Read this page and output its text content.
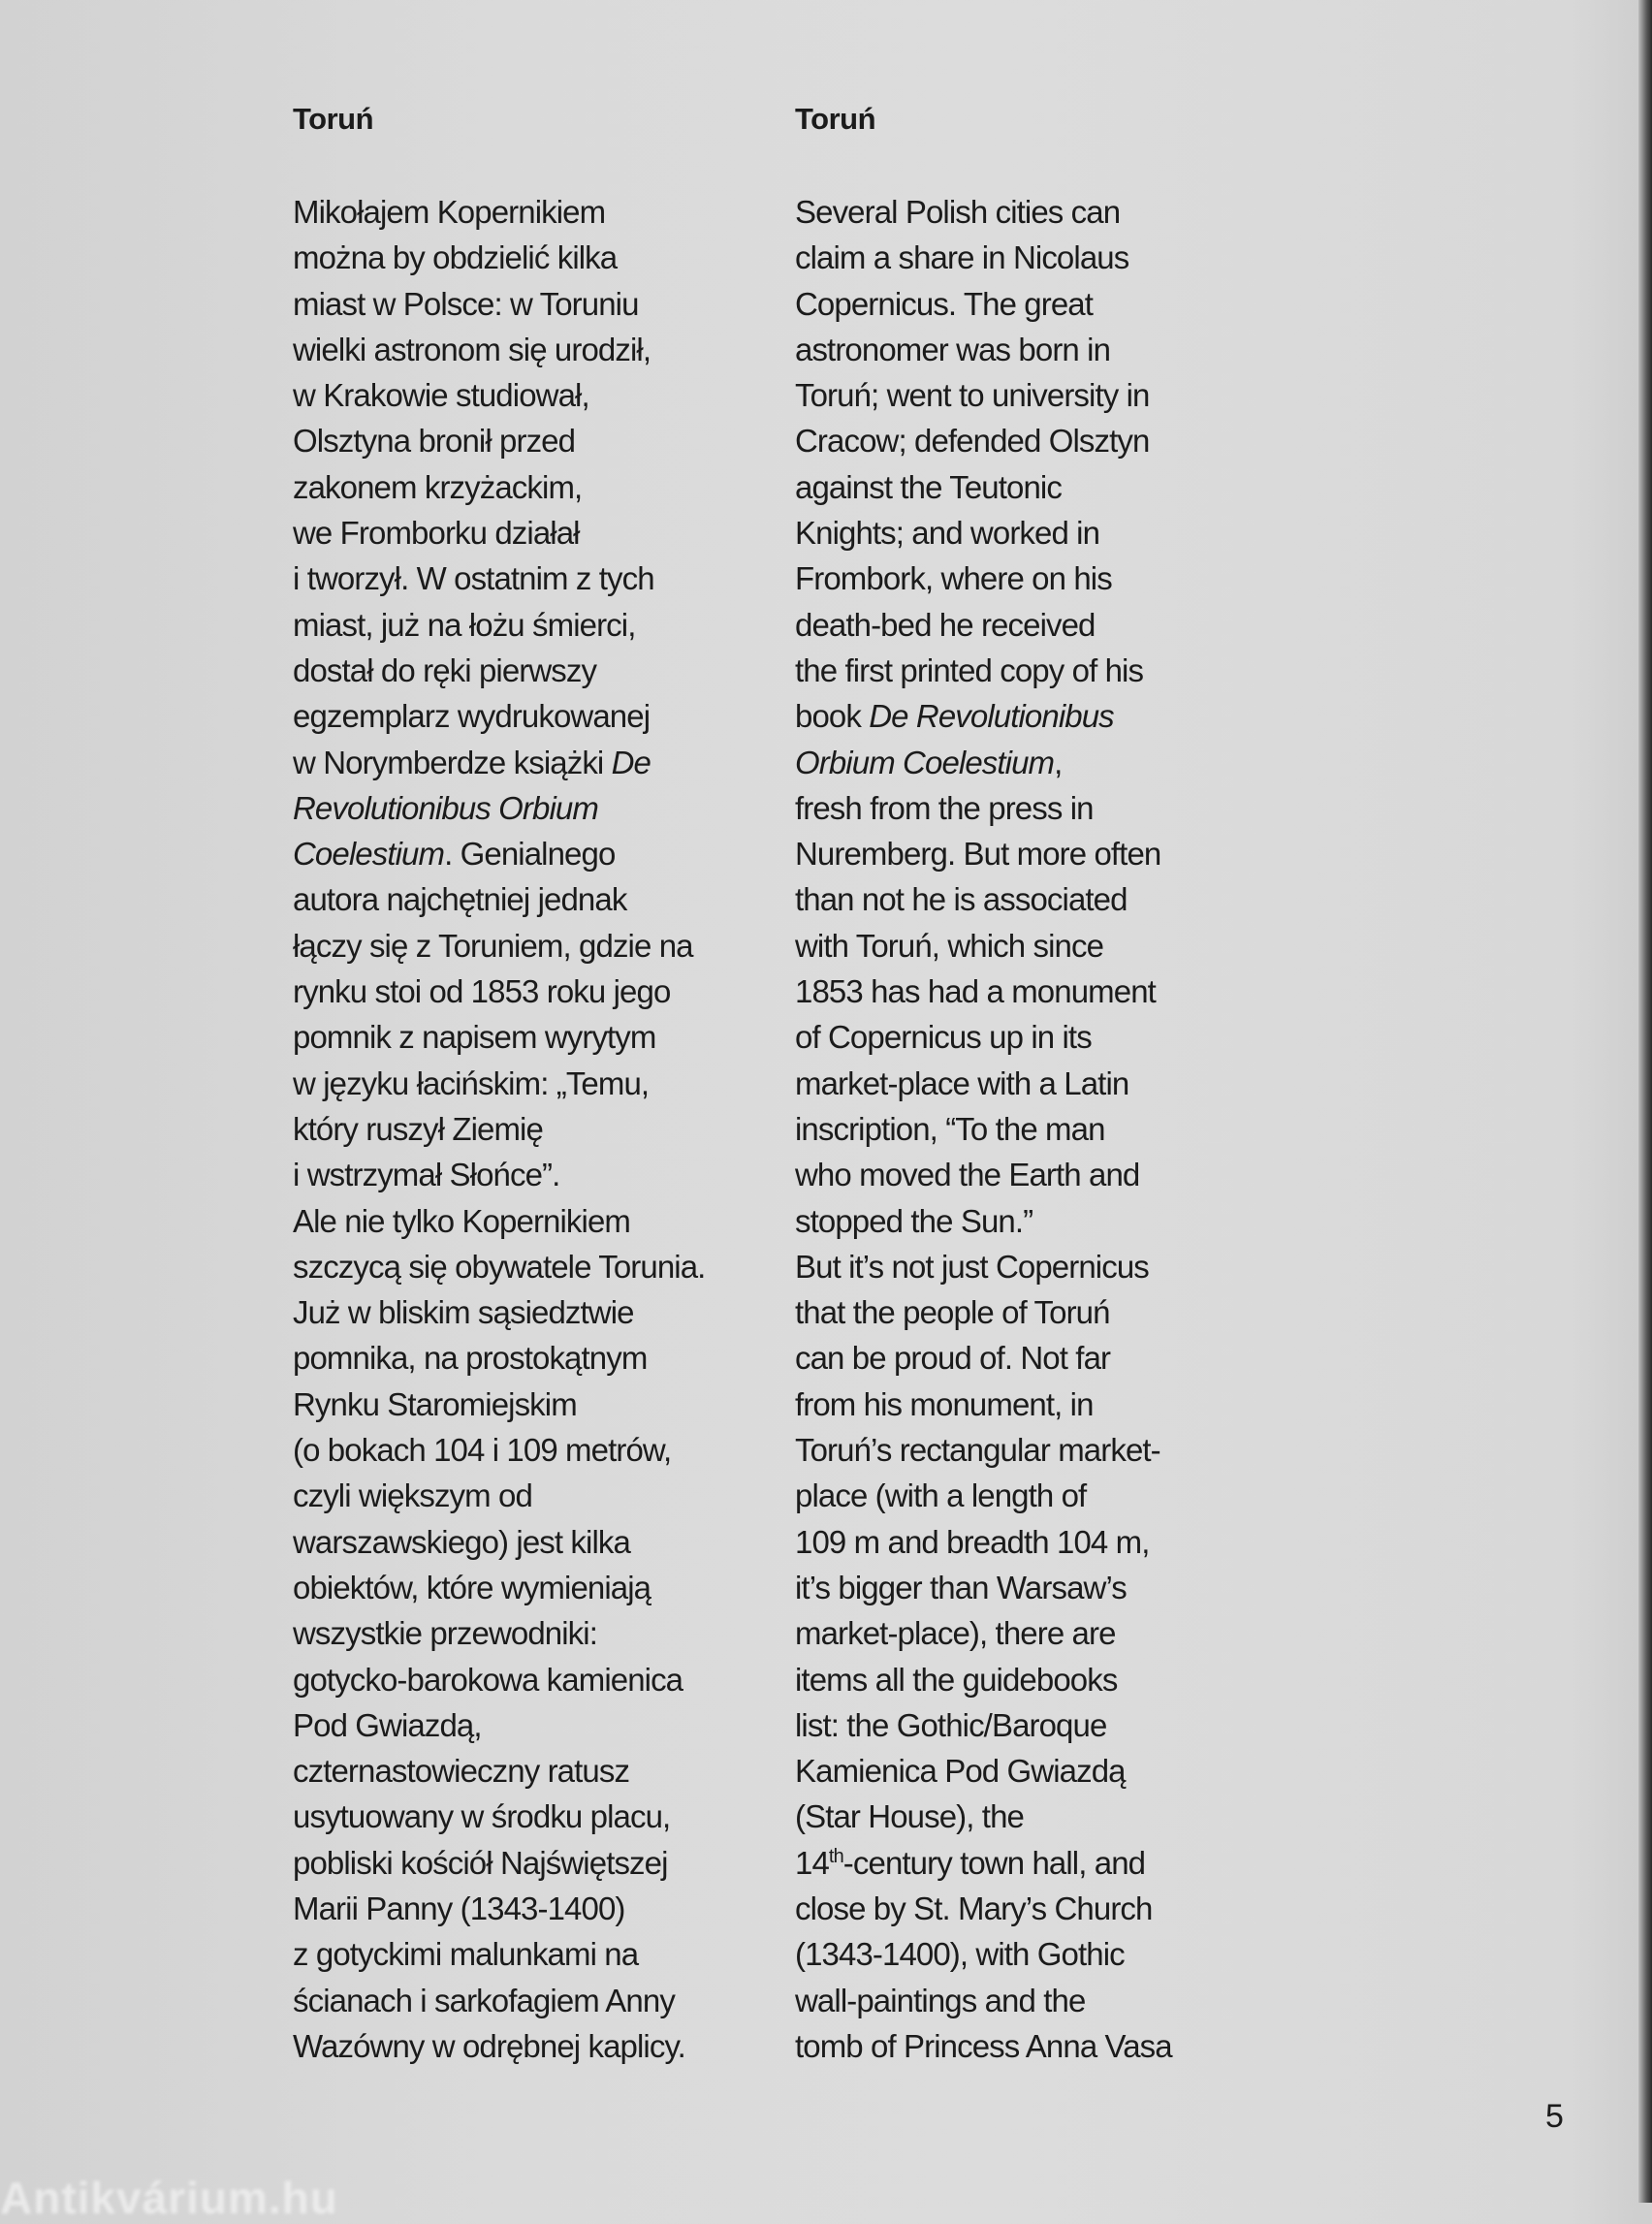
Toruń
Mikołajem Kopernikiem
można by obdzielić kilka
miast w Polsce: w Toruniu
wielki astronom się urodził,
w Krakowie studiował,
Olsztyna bronił przed
zakonem krzyżackim,
we Fromborku działał
i tworzył. W ostatnim z tych
miast, już na łożu śmierci,
dostał do ręki pierwszy
egzemplarz wydrukowanej
w Norymberdze książki De
Revolutionibus Orbium
Coelestium. Genialnego
autora najchętniej jednak
łączy się z Toruniem, gdzie na
rynku stoi od 1853 roku jego
pomnik z napisem wyrytym
w języku łacińskim: „Temu,
który ruszył Ziemię
i wstrzymał Słońce”.
Ale nie tylko Kopernikiem
szczycą się obywatele Torunia.
Już w bliskim sąsiedztwie
pomnika, na prostokątnym
Rynku Staromiejskim
(o bokach 104 i 109 metrów,
czyli większym od
warszawskiego) jest kilka
obiektów, które wymieniają
wszystkie przewodniki:
gotycko-barokowa kamienica
Pod Gwiazdą,
czternastowieczny ratusz
usytuowany w środku placu,
pobliski kościół Najświętszej
Marii Panny (1343-1400)
z gotyckimi malunkami na
ścianach i sarkofagiem Anny
Wazówny w odrębnej kaplicy.
Toruń
Several Polish cities can
claim a share in Nicolaus
Copernicus. The great
astronomer was born in
Toruń; went to university in
Cracow; defended Olsztyn
against the Teutonic
Knights; and worked in
Frombork, where on his
death-bed he received
the first printed copy of his
book De Revolutionibus
Orbium Coelestium,
fresh from the press in
Nuremberg. But more often
than not he is associated
with Toruń, which since
1853 has had a monument
of Copernicus up in its
market-place with a Latin
inscription, “To the man
who moved the Earth and
stopped the Sun.”
But it’s not just Copernicus
that the people of Toruń
can be proud of. Not far
from his monument, in
Toruń’s rectangular market-
place (with a length of
109 m and breadth 104 m,
it’s bigger than Warsaw’s
market-place), there are
items all the guidebooks
list: the Gothic/Baroque
Kamienica Pod Gwiazdą
(Star House), the
14th-century town hall, and
close by St. Mary’s Church
(1343-1400), with Gothic
wall-paintings and the
tomb of Princess Anna Vasa
5
Antikvárium.hu
